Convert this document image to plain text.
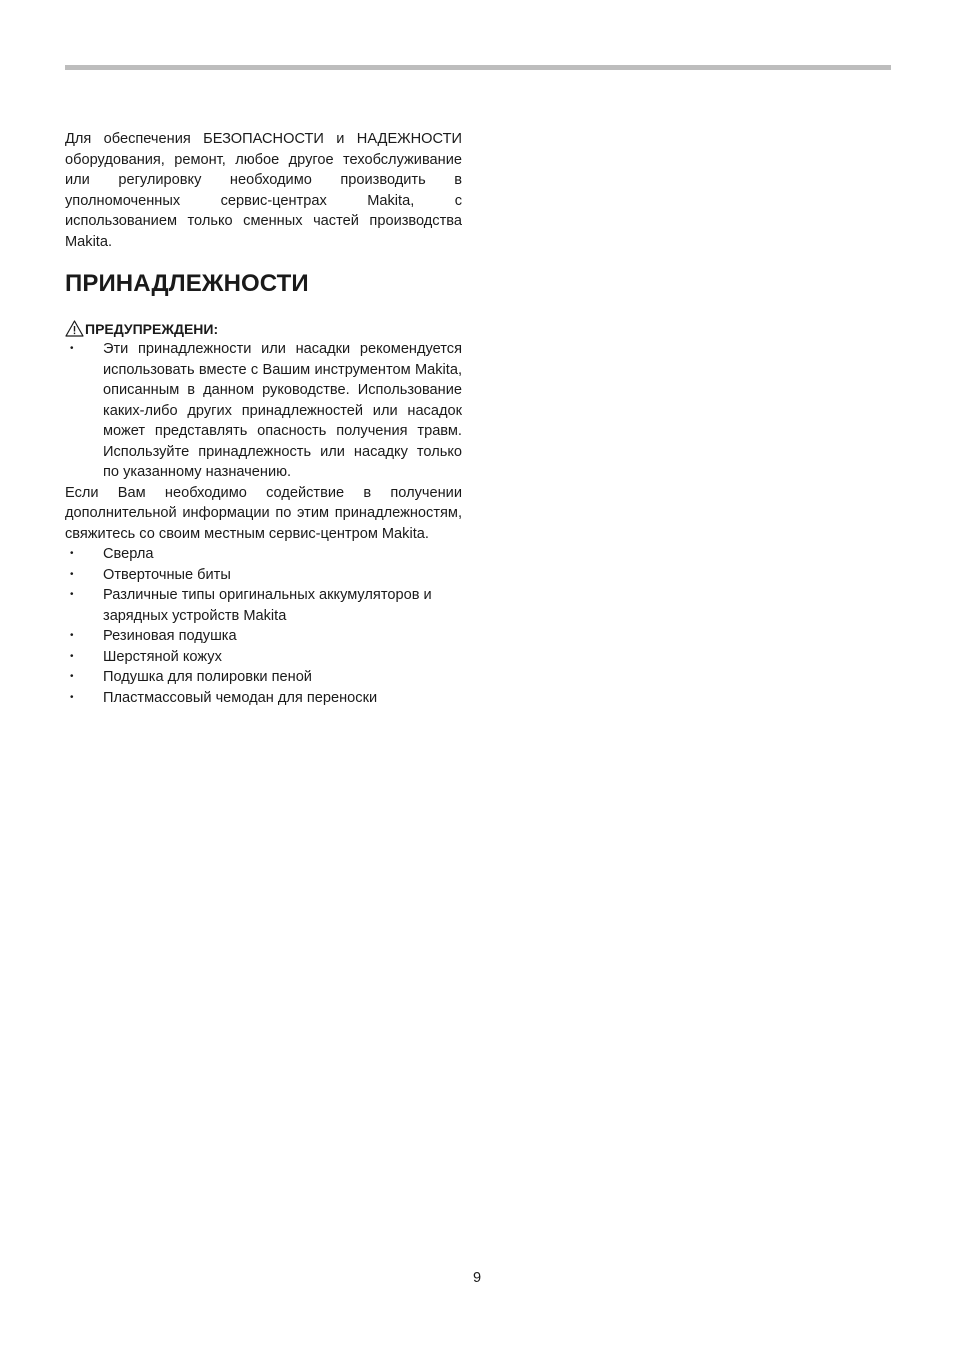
Для обеспечения БЕЗОПАСНОСТИ и НАДЕЖНОСТИ оборудования, ремонт, любое другое техобслуживание или регулировку необходимо производить в уполномоченных сервис-центрах Makita, с использованием только сменных частей производства Makita.

ПРИНАДЛЕЖНОСТИ
ПРЕДУПРЕЖДЕНИ:
• Эти принадлежности или насадки рекомендуется использовать вместе с Вашим инструментом Makita, описанным в данном руководстве. Использование каких-либо других принадлежностей или насадок может представлять опасность получения травм. Используйте принадлежность или насадку только по указанному назначению.

Если Вам необходимо содействие в получении дополнительной информации по этим принадлежностям, свяжитесь со своим местным сервис-центром Makita.

• Сверла
• Отверточные биты
• Различные типы оригинальных аккумуляторов и зарядных устройств Makita
• Резиновая подушка
• Шерстяной кожух
• Подушка для полировки пеной
• Пластмассовый чемодан для переноски
9
